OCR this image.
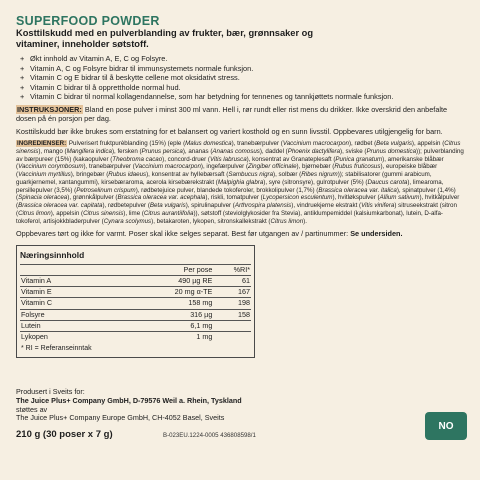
SUPERFOOD POWDER

Kosttilskudd med en pulverblanding av frukter, bær, grønnsaker og vitaminer, inneholder søtstoff.

+ Økt innhold av Vitamin A, E, C og Folsyre.
+ Vitamin A, C og Folsyre bidrar til immunsystemets normale funksjon.
+ Vitamin C og E bidrar til å beskytte cellene mot oksidativt stress.
+ Vitamin C bidrar til å opprettholde normal hud.
+ Vitamin C bidrar til normal kollagendannelse, som har betydning for tennenes og tannkjøttets normale funksjon.

INSTRUKSJONER: Bland en pose pulver i minst 300 ml vann. Hell i, rør rundt eller rist mens du drikker. Ikke overskrid den anbefalte dosen på én porsjon per dag.

Kosttilskudd bør ikke brukes som erstatning for et balansert og variert kosthold og en sunn livsstil. Oppbevares utilgjengelig for barn.

INGREDIENSER: Pulverisert fruktpurèblanding (15%) (eple (Malus domestica), tranebærpulver (Vaccinium macrocarpon), rødbet (Beta vulgaris), appelsin (Citrus sinensis), mango (Mangifera indica), fersken (Prunus persica), ananas (Ananas comosus), daddel (Phoenix dactylifera), sviske (Prunus domestica)); pulverblanding av bærpureer (15%) (kakaopulver (Theobroma cacao), concord-druer (Vitis labrusca), konsentrat av Granateplesaft (Punica granatum), amerikanske blåbær (Vaccinium corymbosum), tranebærpulver (Vaccinium macrocarpon), ingefærpulver (Zingiber officinale), bjørnebær (Rubus fruticosus), europeiske blåbær (Vaccinium myrtillus), bringebær (Rubus idaeus), konsentrat av hylIebærsaft (Sambucus nigra), solbær (Ribes nigrum)); stabilisatorer (gummi arabicum, guarkjernemel, xantangummi), kirsebæraroma, acerola kirsebærekstrakt (Malpighia glabra), syre (sitronsyre), gulrotpulver (5%) (Daucus carota), limearoma, persillepulver (3,5%) (Petroselinum crispum), rødbetejuice pulver, blandede tokoferoler, brokkolipulver (1,7%) (Brassica oleracea var. italica), spinatpulver (1,4%) (Spinacia oleracea), grønnkålpulver (Brassica oleracea var. acephala), riskli, tomatpulver (Lycopersicon esculentum), hvitløkspulver (Allium sativum), hvitkålpulver (Brassica oleracea var. capitata), rødbetepulver (Beta vulgaris), spirulinapulver (Arthrospira platensis), vindruekjerne ekstrakt (Vitis vinifera) sitruseekstrakt (sitron (Citrus limon), appelsin (Citrus sinensis), lime (Citrus aurantiifolia)), søtstoff (steviolglykosider fra Stevia), antiklumpemiddel (kalsiumkarbonat), lutein, D-alfa-tokoferol, artisjokkbladerpulver (Cynara scolymus), betakaroten, lykopen, sitronskallekstrakt (Citrus limon).

Oppbevares tørt og ikke for varmt. Poser skal ikke selges separat. Best før utgangen av / partinummer: Se undersiden.

Næringsinnhold
	Per pose	%RI*
Vitamin A	490 µg RE	61
Vitamin E	20 mg α-TE	167
Vitamin C	158 mg	198
Folsyre	316 µg	158
Lutein	6,1 mg	
Lykopen	1 mg	
* RI = Referanseinntak
Produsert i Sveits for:
The Juice Plus+ Company GmbH, D-79576 Weil a. Rhein, Tyskland
støttes av
The Juice Plus+ Company Europe GmbH, CH-4052 Basel, Sveits
210 g (30 poser x 7 g)	B-023EU.1224-0005 436808598/1
NO
